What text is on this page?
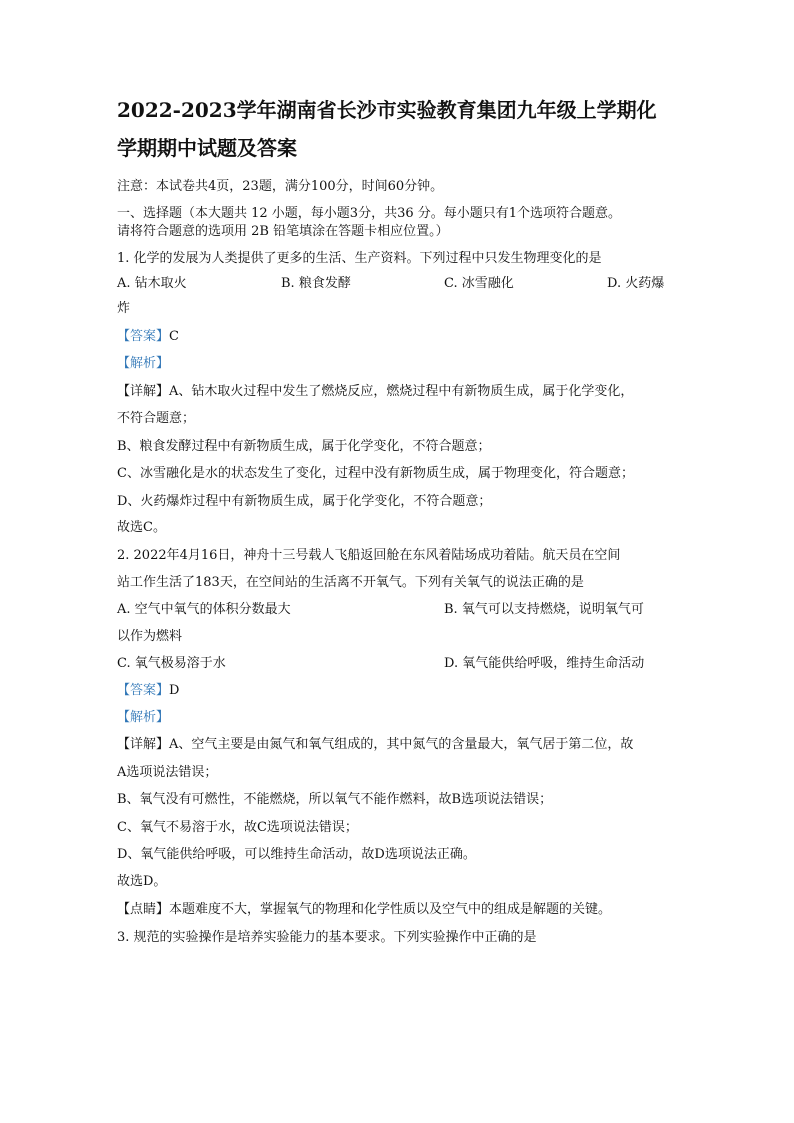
2022-2023学年湖南省长沙市实验教育集团九年级上学期化
学期期中试题及答案
注意：本试卷共4页，23题，满分100分，时间60分钟。
一、选择题（本大题共 12 小题，每小题3分，共36 分。每小题只有1个选项符合题意。
请将符合题意的选项用 2B 铅笔填涂在答题卡相应位置。）
1. 化学的发展为人类提供了更多的生活、生产资料。下列过程中只发生物理变化的是
A. 钻木取火	B. 粮食发酵	C. 冰雪融化	D. 火药爆
炸
【答案】C
【解析】
【详解】A、钻木取火过程中发生了燃烧反应，燃烧过程中有新物质生成，属于化学变化，
不符合题意；
B、粮食发酵过程中有新物质生成，属于化学变化，不符合题意；
C、冰雪融化是水的状态发生了变化，过程中没有新物质生成，属于物理变化，符合题意；
D、火药爆炸过程中有新物质生成，属于化学变化，不符合题意；
故选C。
2. 2022年4月16日，神舟十三号载人飞船返回舱在东风着陆场成功着陆。航天员在空间
站工作生活了183天，在空间站的生活离不开氧气。下列有关氧气的说法正确的是
A. 空气中氧气的体积分数最大	B. 氧气可以支持燃烧，说明氧气可
以作为燃料
C. 氧气极易溶于水	D. 氧气能供给呼吸，维持生命活动
【答案】D
【解析】
【详解】A、空气主要是由氮气和氧气组成的，其中氮气的含量最大，氧气居于第二位，故
A选项说法错误；
B、氧气没有可燃性，不能燃烧，所以氧气不能作燃料，故B选项说法错误；
C、氧气不易溶于水，故C选项说法错误；
D、氧气能供给呼吸，可以维持生命活动，故D选项说法正确。
故选D。
【点睛】本题难度不大，掌握氧气的物理和化学性质以及空气中的组成是解题的关键。
3. 规范的实验操作是培养实验能力的基本要求。下列实验操作中正确的是
